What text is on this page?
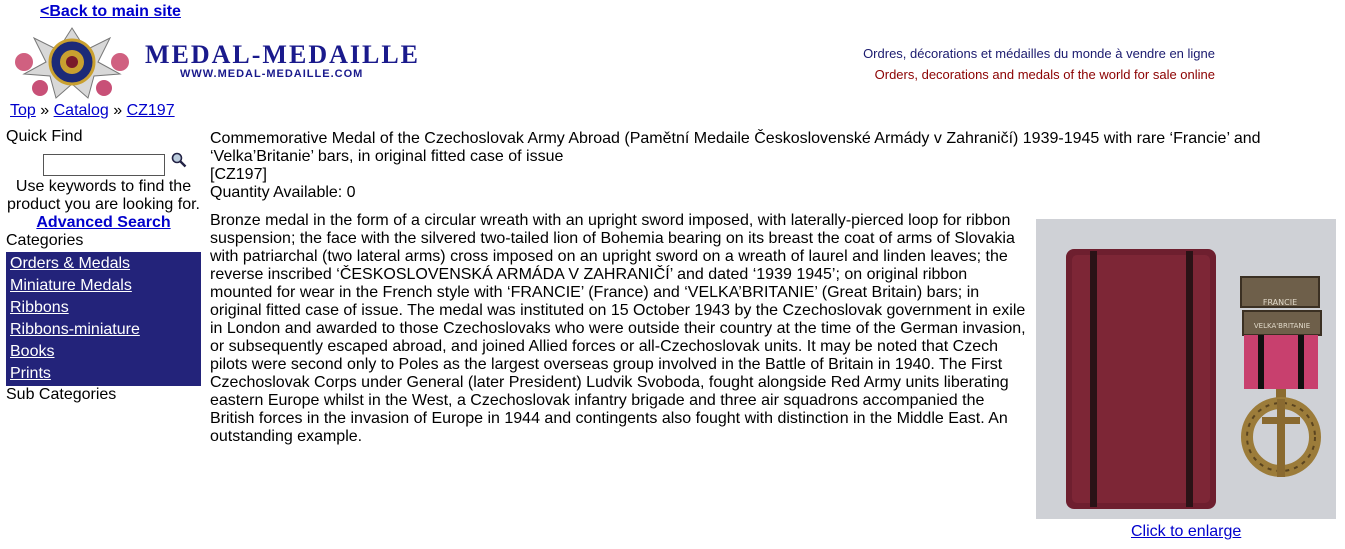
<Back to main site
MEDAL-MEDAILLE
WWW.MEDAL-MEDAILLE.COM
Ordres, décorations et médailles du monde à vendre en ligne
Orders, decorations and medals of the world for sale online
Top » Catalog » CZ197
Quick Find
Use keywords to find the product you are looking for.
Advanced Search
Categories
Orders & Medals
Miniature Medals
Ribbons
Ribbons-miniature
Books
Prints
Sub Categories
Commemorative Medal of the Czechoslovak Army Abroad (Pamětní Medaile Československé Armády v Zahraničí) 1939-1945 with rare ‘Francie’ and ‘Velka’Britanie’ bars, in original fitted case of issue
[CZ197]
Quantity Available: 0
Bronze medal in the form of a circular wreath with an upright sword imposed, with laterally-pierced loop for ribbon suspension; the face with the silvered two-tailed lion of Bohemia bearing on its breast the coat of arms of Slovakia with patriarchal (two lateral arms) cross imposed on an upright sword on a wreath of laurel and linden leaves; the reverse inscribed ‘ČESKOSLOVENSKÁ ARMÁDA V ZAHRANIČÍ’ and dated ‘1939 1945’; on original ribbon mounted for wear in the French style with ‘FRANCIE’ (France) and ‘VELKA’BRITANIE’ (Great Britain) bars; in original fitted case of issue. The medal was instituted on 15 October 1943 by the Czechoslovak government in exile in London and awarded to those Czechoslovaks who were outside their country at the time of the German invasion, or subsequently escaped abroad, and joined Allied forces or all-Czechoslovak units. It may be noted that Czech pilots were second only to Poles as the largest overseas group involved in the Battle of Britain in 1940. The First Czechoslovak Corps under General (later President) Ludvik Svoboda, fought alongside Red Army units liberating eastern Europe whilst in the West, a Czechoslovak infantry brigade and three air squadrons accompanied the British forces in the invasion of Europe in 1944 and contingents also fought with distinction in the Middle East. An outstanding example.
FRANCIE
VELKA'BRITANIE
Click to enlarge
